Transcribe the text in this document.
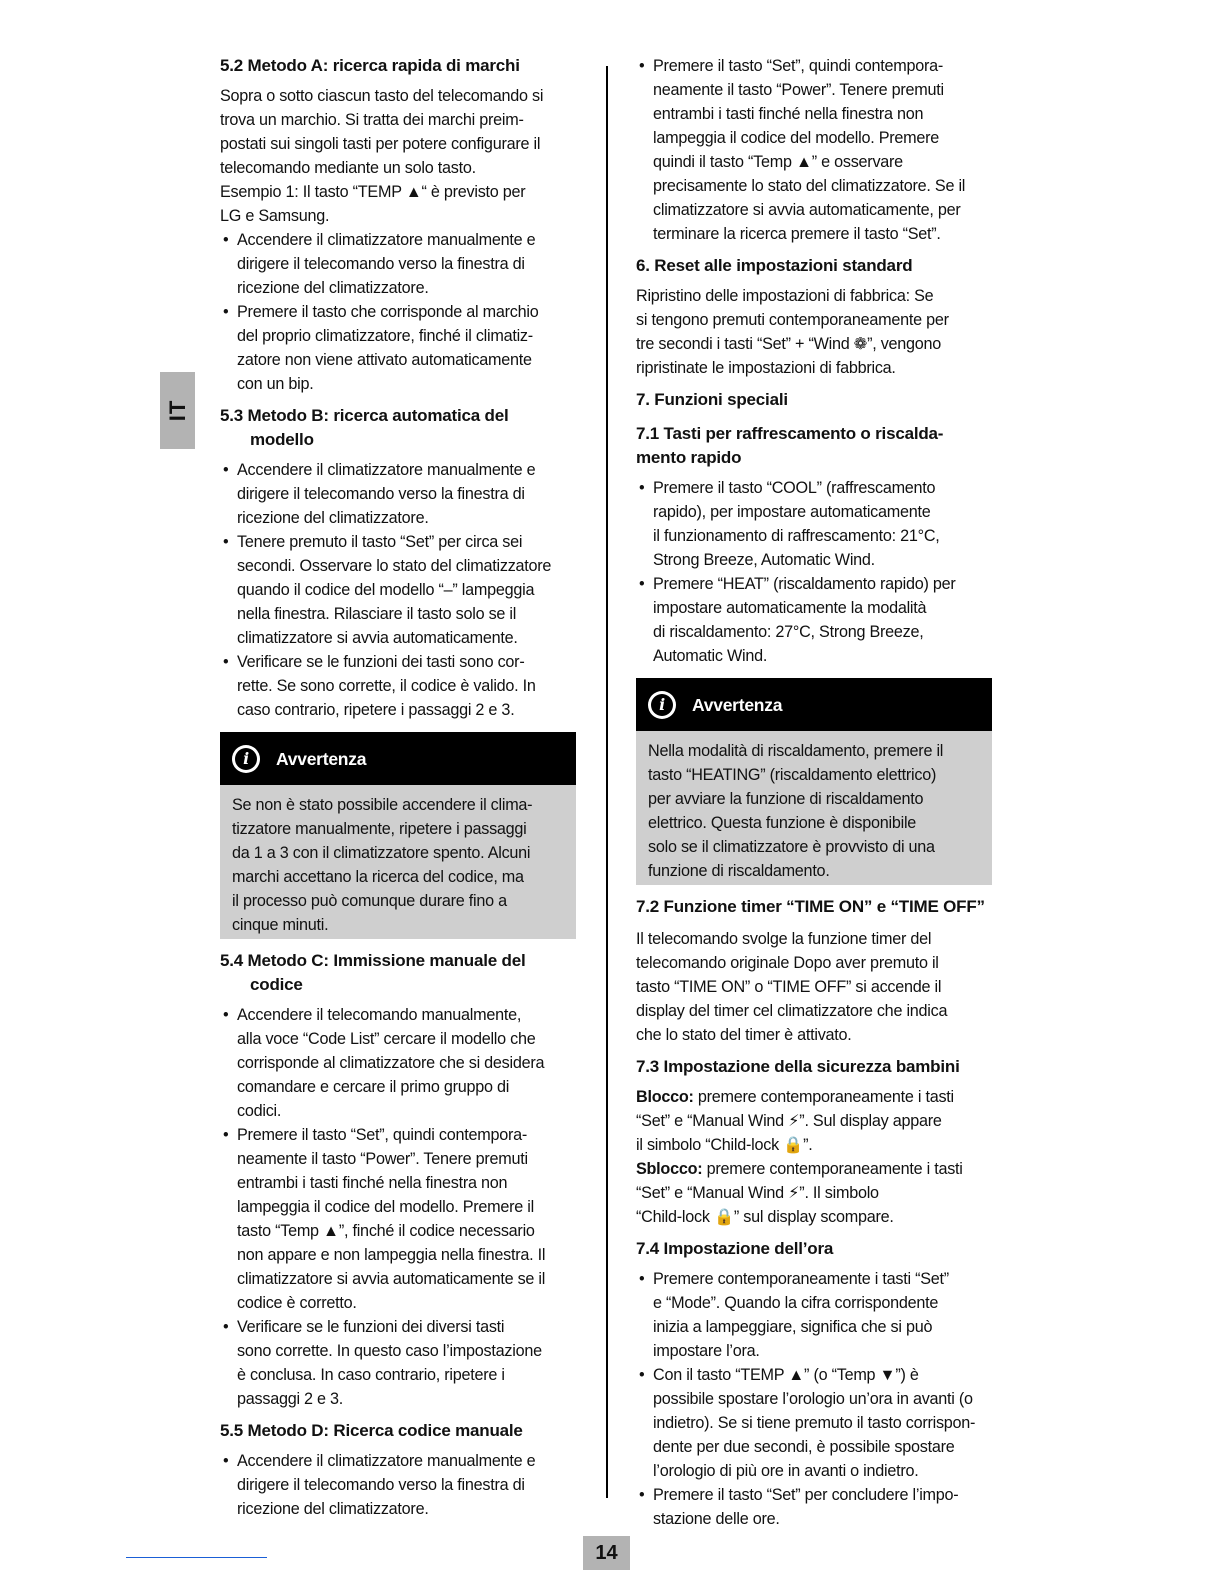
IT

5.2 Metodo A: ricerca rapida di marchi

Sopra o sotto ciascun tasto del telecomando si
trova un marchio. Si tratta dei marchi preim-
postati sui singoli tasti per potere configurare il
telecomando mediante un solo tasto.

Esempio 1: Il tasto “TEMP ▲“ è previsto per
LG e Samsung.

• Accendere il climatizzatore manualmente e
dirigere il telecomando verso la finestra di
ricezione del climatizzatore.
• Premere il tasto che corrisponde al marchio
del proprio climatizzatore, finché il climatiz-
zatore non viene attivato automaticamente
con un bip.

5.3 Metodo B: ricerca automatica del
modello

• Accendere il climatizzatore manualmente e
dirigere il telecomando verso la finestra di
ricezione del climatizzatore.
• Tenere premuto il tasto “Set” per circa sei
secondi. Osservare lo stato del climatizzatore
quando il codice del modello “–” lampeggia
nella finestra. Rilasciare il tasto solo se il
climatizzatore si avvia automaticamente.
• Verificare se le funzioni dei tasti sono cor-
rette. Se sono corrette, il codice è valido. In
caso contrario, ripetere i passaggi 2 e 3.
i	Avvertenza
Se non è stato possibile accendere il clima-
tizzatore manualmente, ripetere i passaggi
da 1 a 3 con il climatizzatore spento. Alcuni
marchi accettano la ricerca del codice, ma
il processo può comunque durare fino a
cinque minuti.

5.4 Metodo C: Immissione manuale del
codice

• Accendere il telecomando manualmente,
alla voce “Code List” cercare il modello che
corrisponde al climatizzatore che si desidera
comandare e cercare il primo gruppo di
codici.
• Premere il tasto “Set”, quindi contempora-
neamente il tasto “Power”. Tenere premuti
entrambi i tasti finché nella finestra non
lampeggia il codice del modello. Premere il
tasto “Temp ▲”, finché il codice necessario
non appare e non lampeggia nella finestra. Il
climatizzatore si avvia automaticamente se il
codice è corretto.
• Verificare se le funzioni dei diversi tasti
sono corrette. In questo caso l’impostazione
è conclusa. In caso contrario, ripetere i
passaggi 2 e 3.

5.5 Metodo D: Ricerca codice manuale

• Accendere il climatizzatore manualmente e
dirigere il telecomando verso la finestra di
ricezione del climatizzatore.
• Premere il tasto “Set”, quindi contempora-
neamente il tasto “Power”. Tenere premuti
entrambi i tasti finché nella finestra non
lampeggia il codice del modello. Premere
quindi il tasto “Temp ▲” e osservare
precisamente lo stato del climatizzatore. Se il
climatizzatore si avvia automaticamente, per
terminare la ricerca premere il tasto “Set”.

6. Reset alle impostazioni standard

Ripristino delle impostazioni di fabbrica: Se
si tengono premuti contemporaneamente per
tre secondi i tasti “Set” + “Wind ❁”, vengono
ripristinate le impostazioni di fabbrica.

7. Funzioni speciali

7.1 Tasti per raffrescamento o riscalda-
mento rapido

• Premere il tasto “COOL” (raffrescamento
rapido), per impostare automaticamente
il funzionamento di raffrescamento: 21°C,
Strong Breeze, Automatic Wind.
• Premere “HEAT” (riscaldamento rapido) per
impostare automaticamente la modalità
di riscaldamento: 27°C, Strong Breeze,
Automatic Wind.
i	Avvertenza
Nella modalità di riscaldamento, premere il
tasto “HEATING” (riscaldamento elettrico)
per avviare la funzione di riscaldamento
elettrico. Questa funzione è disponibile
solo se il climatizzatore è provvisto di una
funzione di riscaldamento.

7.2 Funzione timer “TIME ON” e “TIME OFF”

Il telecomando svolge la funzione timer del
telecomando originale Dopo aver premuto il
tasto “TIME ON” o “TIME OFF” si accende il
display del timer cel climatizzatore che indica
che lo stato del timer è attivato.

7.3 Impostazione della sicurezza bambini

Blocco: premere contemporaneamente i tasti
“Set” e “Manual Wind ⚡”. Sul display appare
il simbolo “Child-lock 🔒”.

Sblocco: premere contemporaneamente i tasti
“Set” e “Manual Wind ⚡”. Il simbolo
“Child-lock 🔒” sul display scompare.

7.4 Impostazione dell’ora

• Premere contemporaneamente i tasti “Set”
e “Mode”. Quando la cifra corrispondente
inizia a lampeggiare, significa che si può
impostare l’ora.
• Con il tasto “TEMP ▲” (o “Temp ▼”) è
possibile spostare l’orologio un’ora in avanti (o
indietro). Se si tiene premuto il tasto corrispon-
dente per due secondi, è possibile spostare
l’orologio di più ore in avanti o indietro.
• Premere il tasto “Set” per concludere l’impo-
stazione delle ore.
14
